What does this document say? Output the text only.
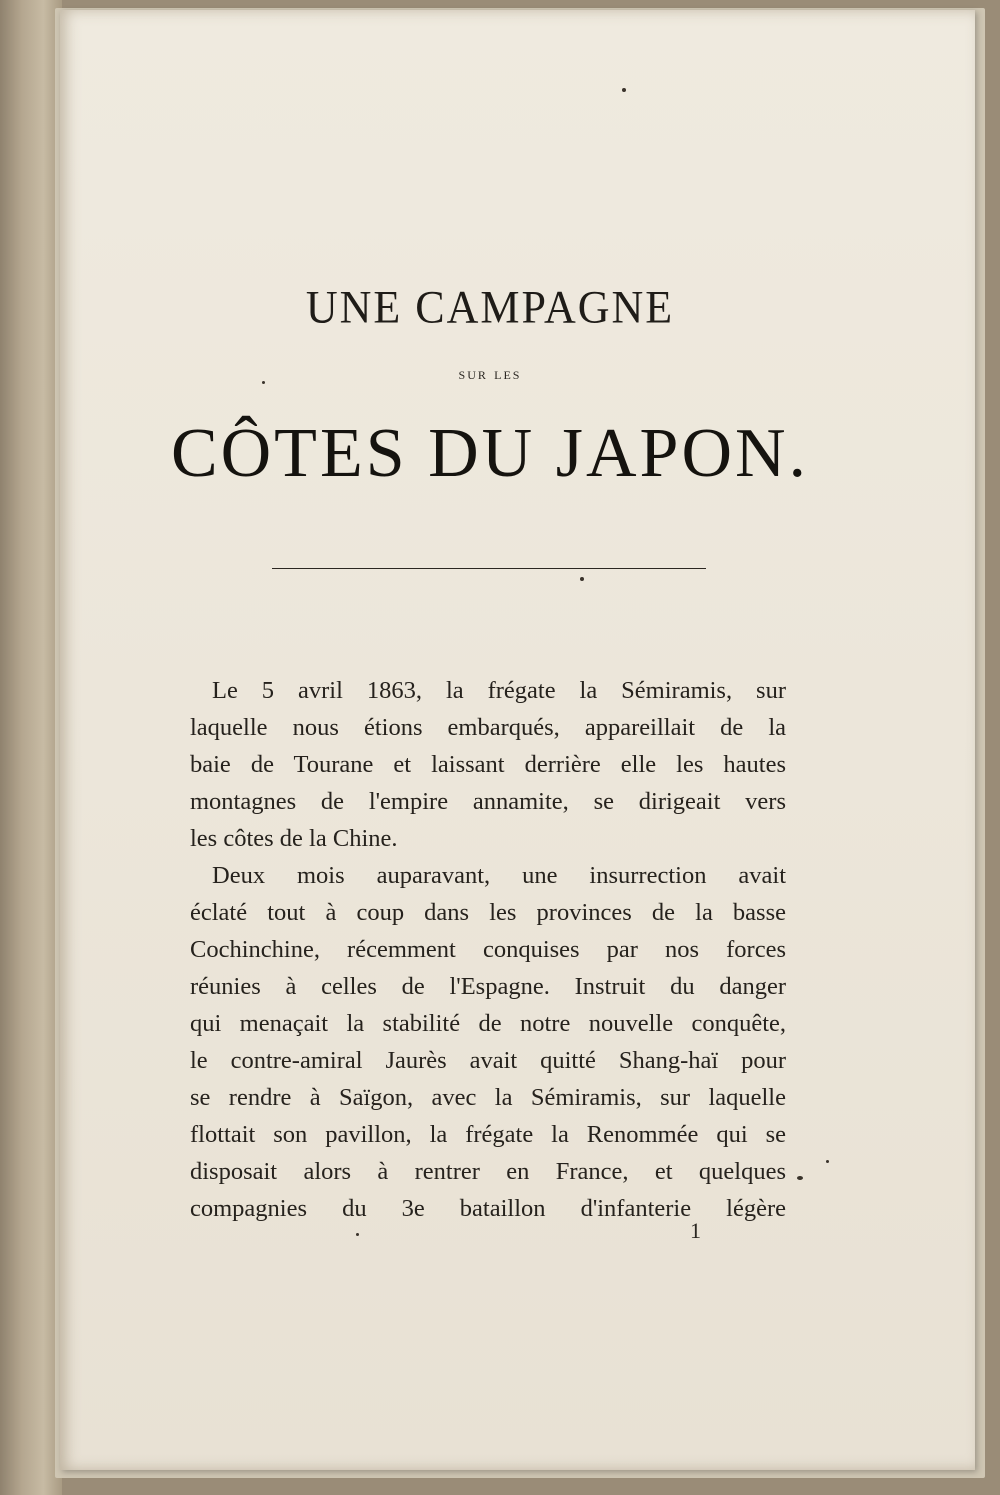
UNE CAMPAGNE
sur les
CÔTES DU JAPON.
Le 5 avril 1863, la frégate la Sémiramis, sur
laquelle nous étions embarqués, appareillait de la
baie de Tourane et laissant derrière elle les hautes
montagnes de l'empire annamite, se dirigeait vers
les côtes de la Chine.
Deux mois auparavant, une insurrection avait
éclaté tout à coup dans les provinces de la basse
Cochinchine, récemment conquises par nos forces
réunies à celles de l'Espagne. Instruit du danger
qui menaçait la stabilité de notre nouvelle conquête,
le contre-amiral Jaurès avait quitté Shang-haï pour
se rendre à Saïgon, avec la Sémiramis, sur laquelle
flottait son pavillon, la frégate la Renommée qui se
disposait alors à rentrer en France, et quelques
compagnies du 3e bataillon d'infanterie légère
1
